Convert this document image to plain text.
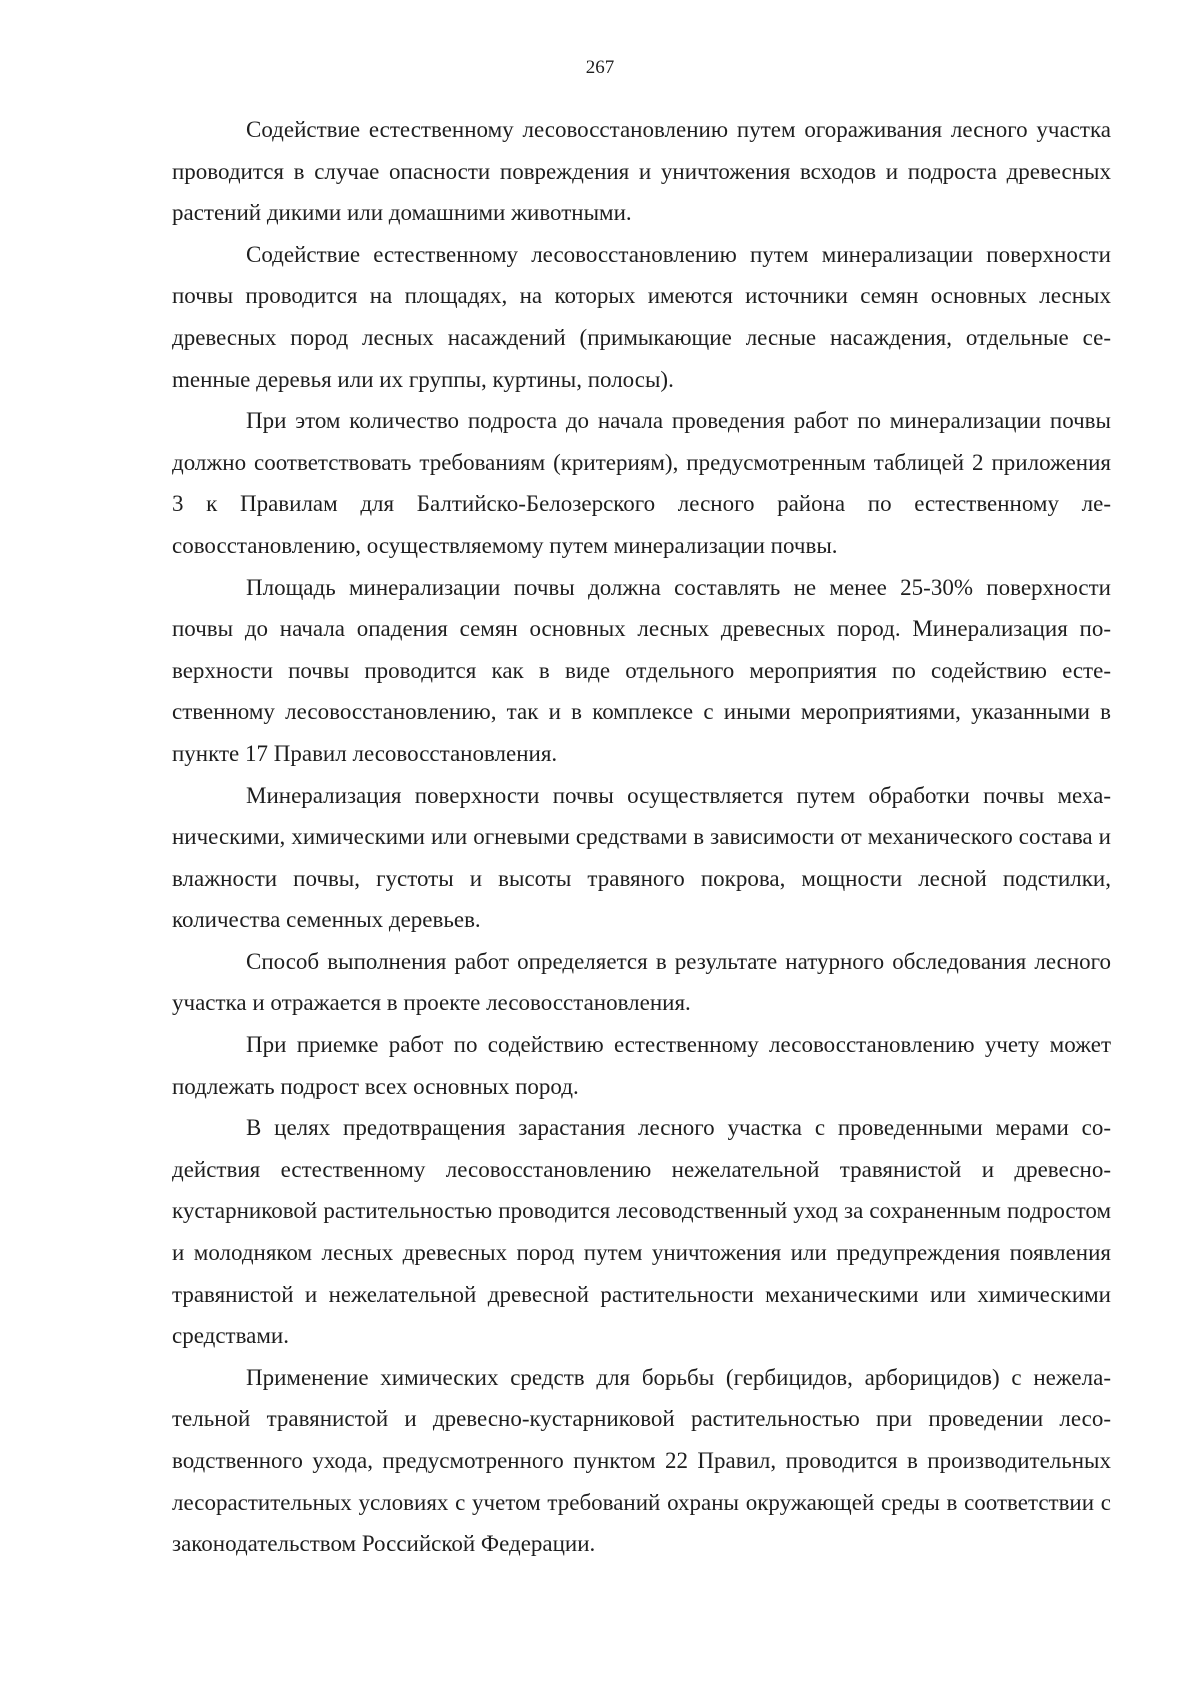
267

Содействие естественному лесовосстановлению путем огораживания лесного участка проводится в случае опасности повреждения и уничтожения всходов и подроста древесных растений дикими или домашними животными.

Содействие естественному лесовосстановлению путем минерализации поверхности почвы проводится на площадях, на которых имеются источники семян основных лесных древесных пород лесных насаждений (примыкающие лесные насаждения, отдельные сеmенные деревья или их группы, куртины, полосы).

При этом количество подроста до начала проведения работ по минерализации почвы должно соответствовать требованиям (критериям), предусмотренным таблицей 2 приложения 3 к Правилам для Балтийско-Белозерского лесного района по естественному лесовосстановлению, осуществляемому путем минерализации почвы.

Площадь минерализации почвы должна составлять не менее 25-30% поверхности почвы до начала опадения семян основных лесных древесных пород. Минерализация поверхности почвы проводится как в виде отдельного мероприятия по содействию естественному лесовосстановлению, так и в комплексе с иными мероприятиями, указанными в пункте 17 Правил лесовосстановления.

Минерализация поверхности почвы осуществляется путем обработки почвы механическими, химическими или огневыми средствами в зависимости от механического состава и влажности почвы, густоты и высоты травяного покрова, мощности лесной подстилки, количества семенных деревьев.

Способ выполнения работ определяется в результате натурного обследования лесного участка и отражается в проекте лесовосстановления.

При приемке работ по содействию естественному лесовосстановлению учету может подлежать подрост всех основных пород.

В целях предотвращения зарастания лесного участка с проведенными мерами содействия естественному лесовосстановлению нежелательной травянистой и древесно-кустарниковой растительностью проводится лесоводственный уход за сохраненным подростом и молодняком лесных древесных пород путем уничтожения или предупреждения появления травянистой и нежелательной древесной растительности механическими или химическими средствами.

Применение химических средств для борьбы (гербицидов, арборицидов) с нежелательной травянистой и древесно-кустарниковой растительностью при проведении лесоводственного ухода, предусмотренного пунктом 22 Правил, проводится в производительных лесорастительных условиях с учетом требований охраны окружающей среды в соответствии с законодательством Российской Федерации.
